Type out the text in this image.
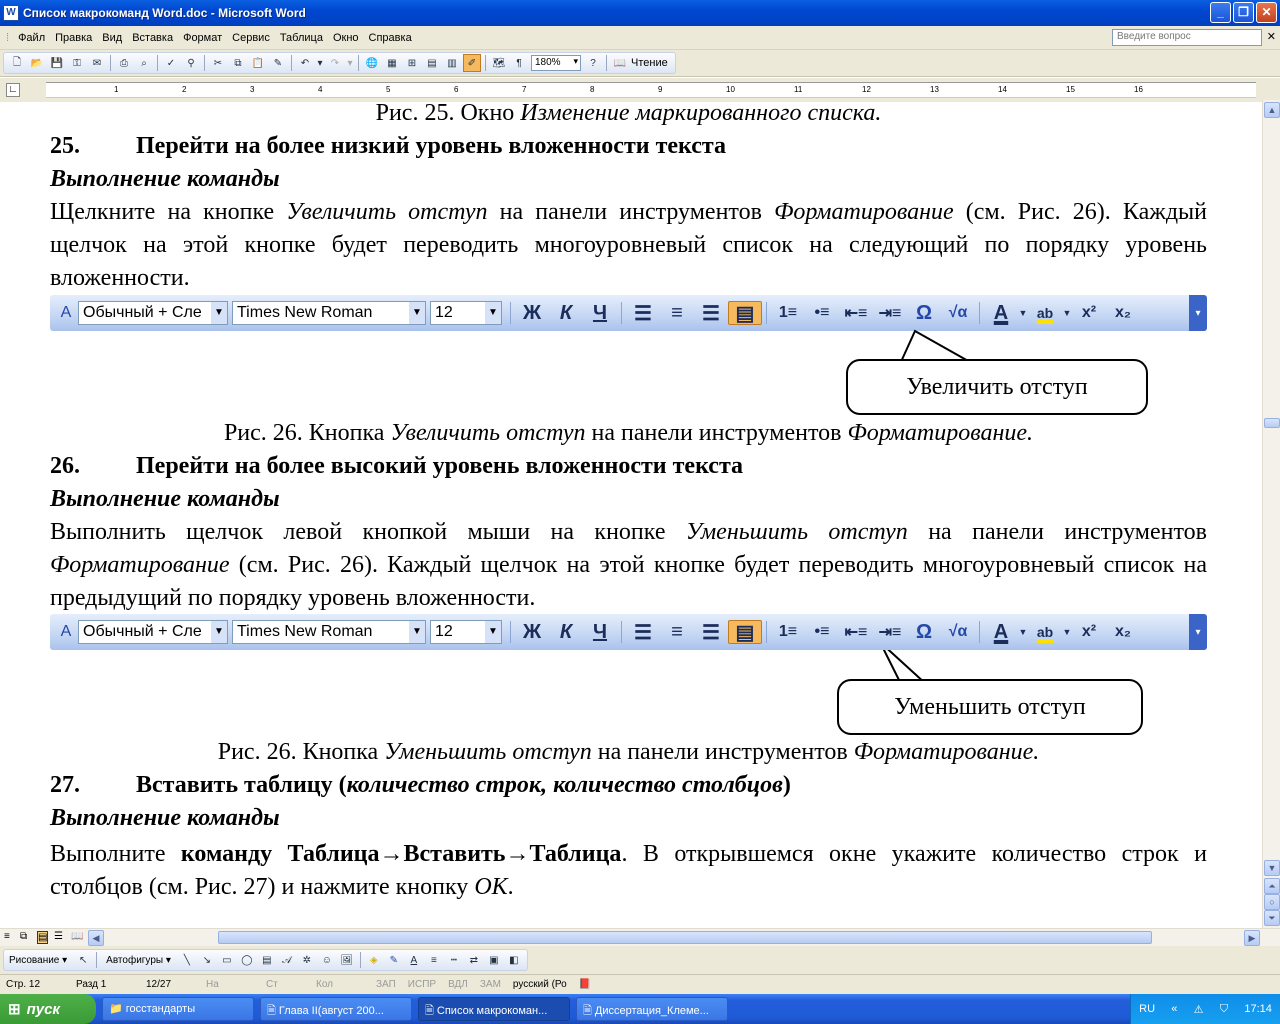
W Список макрокоманд Word.doc - Microsoft Word	_	❐	✕
⁞ Файл Правка Вид Вставка Формат Сервис Таблица Окно Справка	Введите вопрос	✕
🗋 📂 💾 ⚿	✉	⎙	⌕	✓	⚲	✂	⧉	📋 ✎	↶ ▾ ↷ ▾ 🌐 ▦	⊞	▤	▥	✐	🗺	¶	180% ▾	?	📖 Чтение
∟	1	2	3	4	5	6	7	8	9	10	11	12	13	14	15	16
Рис. 25. Окно Изменение маркированного списка.
25. Перейти на более низкий уровень вложенности текста
Выполнение команды
Щелкните на кнопке Увеличить отступ на панели инструментов Форматирование (см. Рис. 26). Каждый щелчок на этой кнопке будет переводить многоуровневый список на следующий по порядку уровень вложенности.
A Обычный + Сле	▼ Times New Roman	▼ 12	▼	Ж К	Ч	☰ ≡ ☰ ▤	1≡	•≡ ⇤≡ ⇥≡ Ω	√α	A	▼ ab	▼ x²	x₂	▾
Увеличить отступ
Рис. 26. Кнопка Увеличить отступ на панели инструментов Форматирование.
26. Перейти на более высокий уровень вложенности текста
Выполнение команды
Выполнить щелчок левой кнопкой мыши на кнопке Уменьшить отступ на панели инструментов Форматирование (см. Рис. 26). Каждый щелчок на этой кнопке будет переводить многоуровневый список на предыдущий по порядку уровень вложенности.
A Обычный + Сле	▼ Times New Roman	▼ 12	▼	Ж К	Ч	☰ ≡ ☰ ▤	1≡	•≡ ⇤≡ ⇥≡ Ω	√α	A	▼ ab	▼ x²	x₂	▾
Уменьшить отступ
Рис. 26. Кнопка Уменьшить отступ на панели инструментов Форматирование.
27. Вставить таблицу (количество строк, количество столбцов)
Выполнение команды
Выполните команду Таблица→Вставить→Таблица. В открывшемся окне укажите количество строк и столбцов (см. Рис. 27) и нажмите кнопку OK.
▲
▼
⏶
○
⏷
≡ ⧉ ▤ ☰ 📖	◀	▶
Рисование ▾	↖	Автофигуры ▾	╲	↘	▭ ◯ ▤	𝒜	✲	☺ 🖼	◈	✎	A	≡	┅	⇄	▣	◧
Стр. 12	Разд 1	12/27	На	Ст	Кол	ЗАП	ИСПР	ВДЛ	ЗАМ	русский (Ро	📕
⊞ пуск	📁 госстандарты	🗎 Глава II(август 200...	🗎 Список макрокоман...	🗎 Диссертация_Клеме...	RU « ⚠ ⛉ 17:14
